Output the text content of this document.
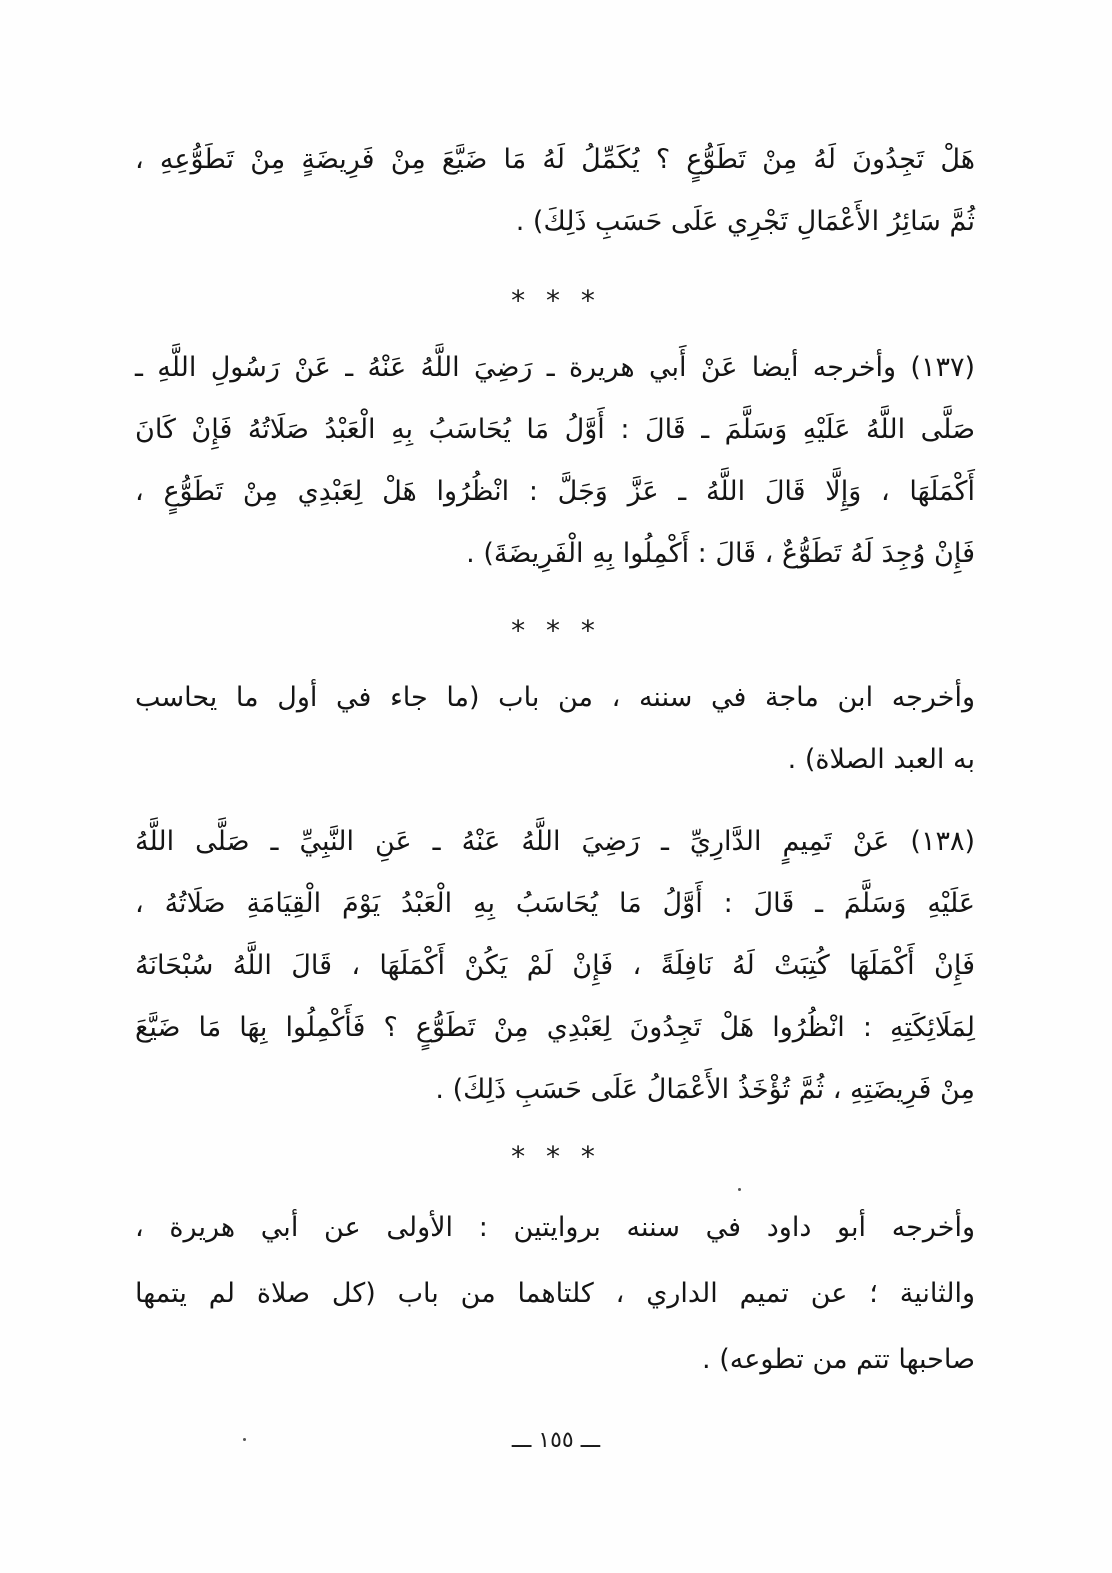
هَلْ تَجِدُونَ لَهُ مِنْ تَطَوُّعٍ ؟ يُكَمِّلُ لَهُ مَا ضَيَّعَ مِنْ فَرِيضَةٍ مِنْ تَطَوُّعِهِ ،
ثُمَّ سَائِرُ الأَعْمَالِ تَجْرِي عَلَى حَسَبِ ذَلِكَ) .
* * *
(١٣٧) وأخرجه أيضا عَنْ أَبي هريرة ـ رَضِيَ اللَّهُ عَنْهُ ـ عَنْ رَسُولِ اللَّهِ ـ
صَلَّى اللَّهُ عَلَيْهِ وَسَلَّمَ ـ قَالَ : أَوَّلُ مَا يُحَاسَبُ بِهِ الْعَبْدُ صَلَاتُهُ فَإِنْ كَانَ
أَكْمَلَهَا ، وَإِلَّا قَالَ اللَّهُ ـ عَزَّ وَجَلَّ : انْظُرُوا هَلْ لِعَبْدِي مِنْ تَطَوُّعٍ ،
فَإِنْ وُجِدَ لَهُ تَطَوُّعٌ ، قَالَ : أَكْمِلُوا بِهِ الْفَرِيضَةَ) .
* * *
وأخرجه ابن ماجة في سننه ، من باب (ما جاء في أول ما يحاسب
به العبد الصلاة) .
(١٣٨) عَنْ تَمِيمٍ الدَّارِيِّ ـ رَضِيَ اللَّهُ عَنْهُ ـ عَنِ النَّبِيِّ ـ صَلَّى اللَّهُ
عَلَيْهِ وَسَلَّمَ ـ قَالَ : أَوَّلُ مَا يُحَاسَبُ بِهِ الْعَبْدُ يَوْمَ الْقِيَامَةِ صَلَاتُهُ ،
فَإِنْ أَكْمَلَهَا كُتِبَتْ لَهُ نَافِلَةً ، فَإِنْ لَمْ يَكُنْ أَكْمَلَهَا ، قَالَ اللَّهُ سُبْحَانَهُ
لِمَلَائِكَتِهِ : انْظُرُوا هَلْ تَجِدُونَ لِعَبْدِي مِنْ تَطَوُّعٍ ؟ فَأَكْمِلُوا بِهَا مَا ضَيَّعَ
مِنْ فَرِيضَتِهِ ، ثُمَّ تُؤْخَذُ الأَعْمَالُ عَلَى حَسَبِ ذَلِكَ) .
* * *
وأخرجه أبو داود في سننه بروايتين : الأولى عن أبي هريرة ،
والثانية ؛ عن تميم الداري ، كلتاهما من باب (كل صلاة لم يتمها
صاحبها تتم من تطوعه) .
ـــ ١٥٥ ـــ
